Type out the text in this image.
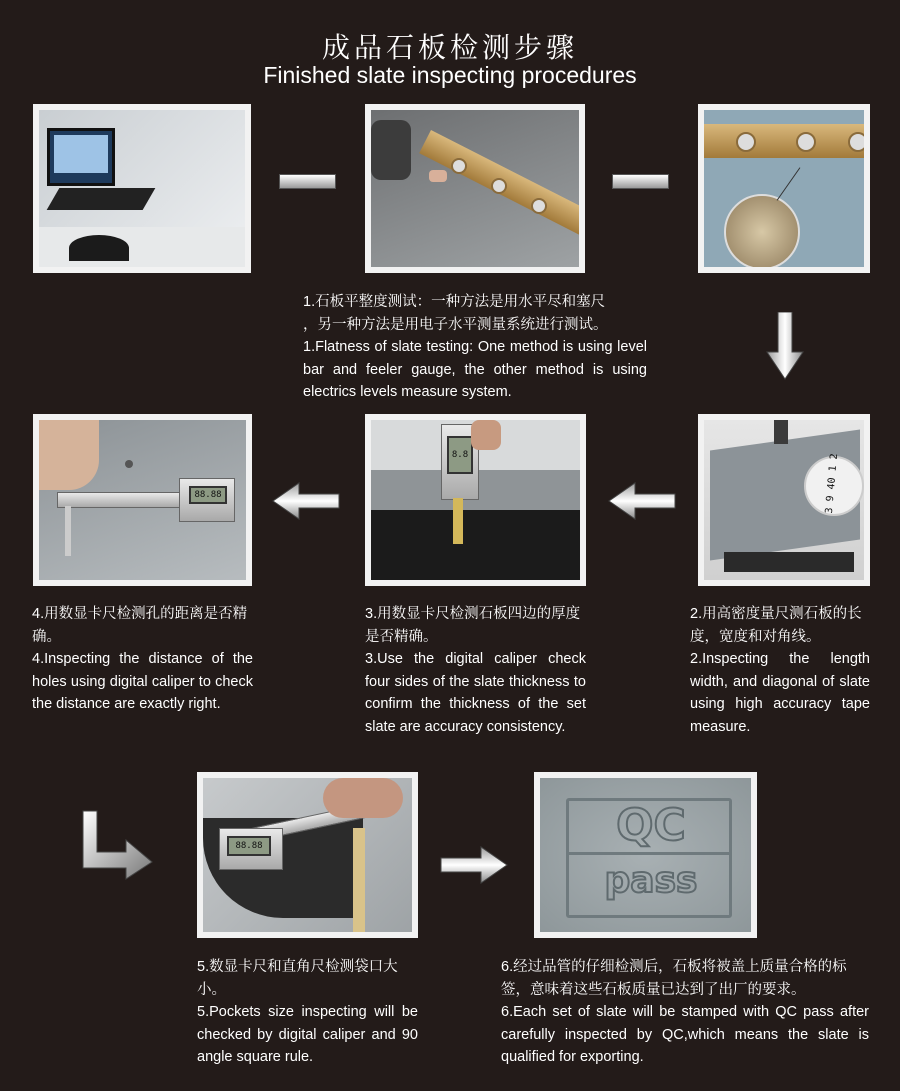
成品石板检测步骤
Finished slate inspecting procedures

1.石板平整度测试：一种方法是用水平尽和塞尺

，另一种方法是用电子水平测量系统进行测试。

1.Flatness of slate testing: One method is using level bar and feeler gauge, the other method is using electrics levels measure system.

88.88
8.8	3 9 40 1 2

4.用数显卡尺检测孔的距离是否精确。

4.Inspecting the distance of the holes using digital caliper to check the distance are exactly right.

3.用数显卡尺检测石板四边的厚度是否精确。

3.Use the digital caliper check four sides of the slate thickness to confirm the thickness of the set slate are accuracy consistency.

2.用高密度量尺测石板的长度，宽度和对角线。

2.Inspecting the length width, and diagonal of slate using high accuracy tape measure.

88.88	QC
pass

5.数显卡尺和直角尺检测袋口大小。

5.Pockets size inspecting will be checked by digital caliper and 90 angle square rule.

6.经过品管的仔细检测后，石板将被盖上质量合格的标签，意味着这些石板质量已达到了出厂的要求。

6.Each set of slate will be stamped with QC pass after carefully inspected by QC,which means the slate is qualified for exporting.
